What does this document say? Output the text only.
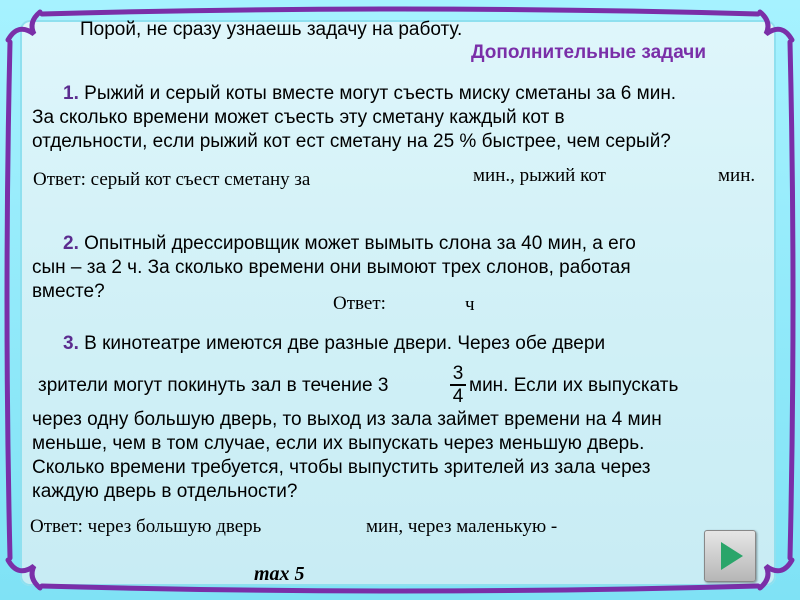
Порой, не сразу узнаешь задачу на работу.
Дополнительные задачи
1. Рыжий и серый коты вместе могут съесть миску сметаны за 6 мин.
За сколько времени может съесть эту сметану каждый кот в
отдельности, если рыжий кот ест сметану на 25 % быстрее, чем серый?
Ответ: серый кот съест сметану за	мин., рыжий кот	мин.
2. Опытный дрессировщик может вымыть слона за 40 мин, а его
сын – за 2 ч. За сколько времени они вымоют трех слонов, работая
вместе?
Ответ:	ч
3. В кинотеатре имеются две разные двери. Через обе двери
зрители могут покинуть зал в течение 3
3
4
мин. Если их выпускать
через одну большую дверь, то выход из зала займет времени на 4 мин
меньше, чем в том случае, если их выпускать через меньшую дверь.
Сколько времени требуется, чтобы выпустить зрителей из зала через
каждую дверь в отдельности?
Ответ: через большую дверь	мин, через маленькую -
max 5
